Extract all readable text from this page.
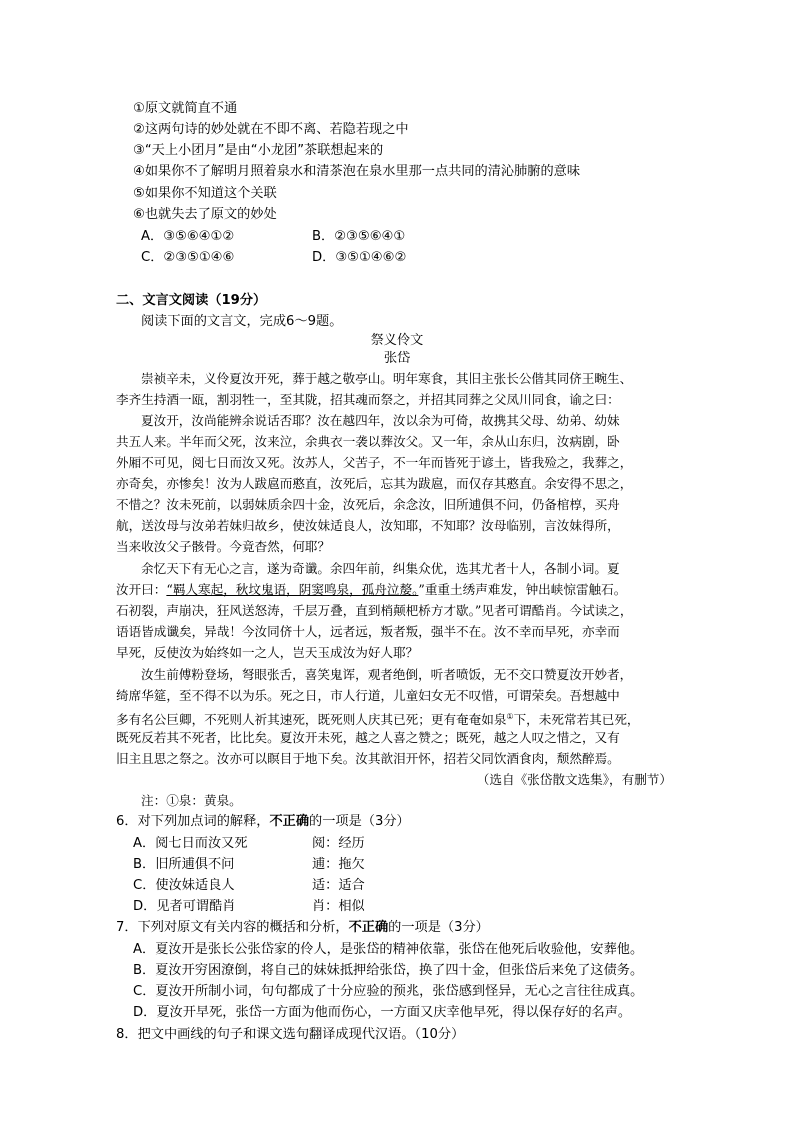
①原文就简直不通
②这两句诗的妙处就在不即不离、若隐若现之中
③“天上小团月”是由“小龙团”茶联想起来的
④如果你不了解明月照着泉水和清茶泡在泉水里那一点共同的清沁肺腑的意味
⑤如果你不知道这个关联
⑥也就失去了原文的妙处
A．③⑤⑥④①②	B．②③⑤⑥④①
C．②③⑤①④⑥	D．③⑤①④⑥②
二、文言文阅读（19分）
阅读下面的文言文，完成6～9题。
祭义伶文
张岱
崇祯辛未，义伶夏汝开死，葬于越之敬亭山。明年寒食，其旧主张长公偕其同侪王畹生、
李齐生持酒一瓯，割羽牲一，至其陇，招其魂而祭之，并招其同葬之父凤川同食，谕之曰：
夏汝开，汝尚能辨余说话否耶？汝在越四年，汝以余为可倚，故携其父母、幼弟、幼妹
共五人来。半年而父死，汝来泣，余典衣一袭以葬汝父。又一年，余从山东归，汝病剧，卧
外厢不可见，阅七日而汝又死。汝苏人，父苦子，不一年而皆死于谚土，皆我殓之，我葬之，
亦奇矣，亦惨矣！汝为人跋扈而憨直，汝死后，忘其为跋扈，而仅存其憨直。余安得不思之，
不惜之？汝未死前，以弱妹质余四十金，汝死后，余念汝，旧所逋俱不问，仍备棺椁，买舟
航，送汝母与汝弟若妹归故乡，使汝妹适良人，汝知耶，不知耶？汝母临别，言汝妹得所，
当来收汝父子骸骨。今竟杳然，何耶？
余忆天下有无心之言，遂为奇谶。余四年前，纠集众优，选其尤者十人，各制小词。夏
汝开曰：“羁人寒起，秋坟鬼语，阴窦鸣泉，孤舟泣嫠。”重重土绣声难发，钟出峡惊雷触石。
石初裂，声崩决，狂风送怒涛，千层万叠，直到梢颠杷桥方才歇。”见者可谓酷肖。今试读之，
语语皆成谶矣，异哉！今汝同侪十人，远者远，叛者叛，强半不在。汝不幸而早死，亦幸而
早死，反使汝为始终如一之人，岂天玉成汝为好人耶？
汝生前傅粉登场，弩眼张舌，喜笑鬼诨，观者绝倒，听者喷饭，无不交口赞夏汝开妙者，
绮席华筵，至不得不以为乐。死之日，市人行道，儿童妇女无不叹惜，可谓荣矣。吾想越中
多有名公巨卿，不死则人祈其速死，既死则人庆其已死；更有奄奄如泉①下，未死常若其已死，
既死反若其不死者，比比矣。夏汝开未死，越之人喜之赞之；既死，越之人叹之惜之，又有
旧主且思之祭之。汝亦可以瞑目于地下矣。汝其歆泪开怀，招若父同饮酒食肉，颓然醉焉。
（选自《张岱散文选集》，有删节）
注：①泉：黄泉。
6．对下列加点词的解释，不正确的一项是（3分）
A．阅七日而汝又死	阅：经历
B．旧所逋俱不问	逋：拖欠
C．使汝妹适良人	适：适合
D．见者可谓酷肖	肖：相似
7．下列对原文有关内容的概括和分析，不正确的一项是（3分）
A．夏汝开是张长公张岱家的伶人，是张岱的精神依靠，张岱在他死后收验他，安葬他。
B．夏汝开穷困潦倒，将自己的妹妹抵押给张岱，换了四十金，但张岱后来免了这债务。
C．夏汝开所制小词，句句都成了十分应验的预兆，张岱感到怪异，无心之言往往成真。
D．夏汝开早死，张岱一方面为他而伤心，一方面又庆幸他早死，得以保存好的名声。
8．把文中画线的句子和课文选句翻译成现代汉语。（10分）
